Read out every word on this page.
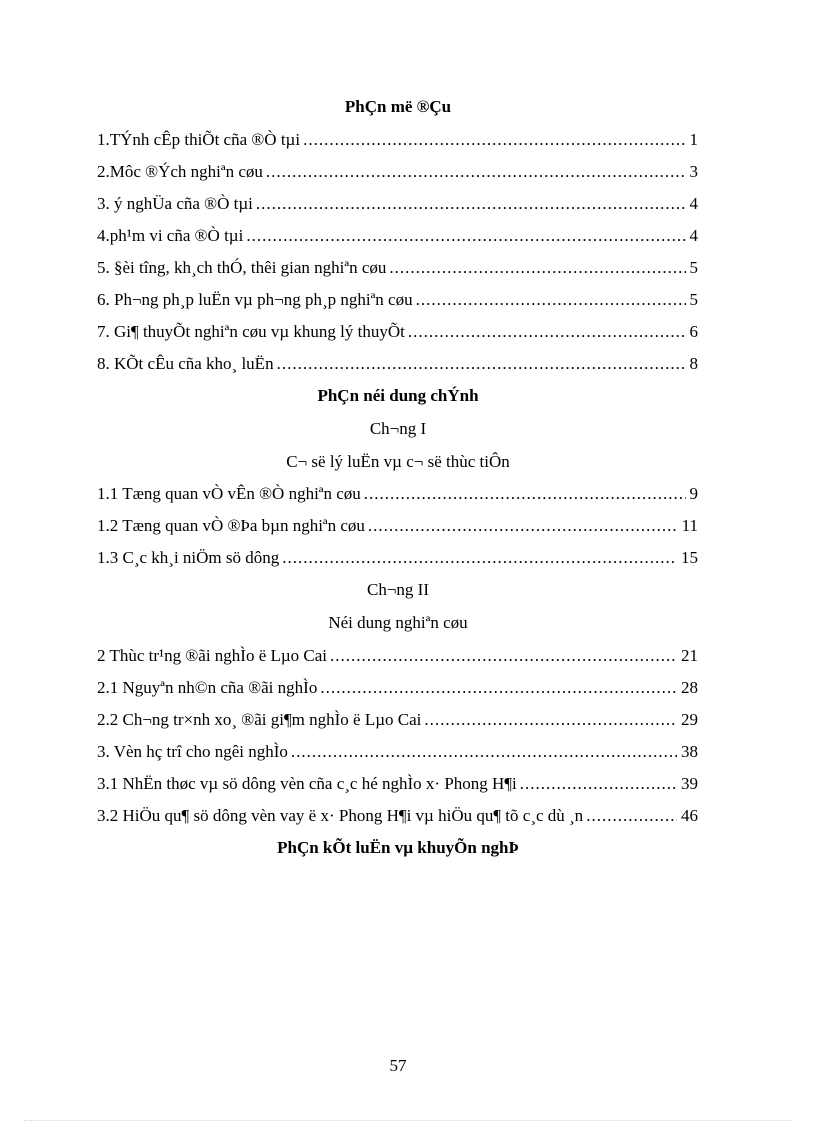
PhÇn më ®Çu
1.TÝnh cÊp thiÕt cña ®Ò tµi .....	1
2.Môc ®Ých nghiªn cøu .....	3
3. ý nghÜa cña ®Ò tµi .....	4
4.ph¹m vi cña ®Ò tµi .....	4
5. §èi tîng, kh¸ch thÓ, thêi gian nghiªn cøu .....	5
6. Ph¬ng ph¸p luËn vµ ph¬ng ph¸p nghiªn cøu .....	5
7. Gi¶ thuyÕt nghiªn cøu vµ khung lý thuyÕt .....	6
8. KÕt cÊu cña kho¸ luËn .....	8
PhÇn néi dung chÝnh
Ch¬ng I
C¬ së lý luËn vµ c¬ së thùc tiÔn
1.1 Tæng quan vÒ vÊn ®Ò nghiªn cøu .....	9
1.2 Tæng quan vÒ ®Þa bµn nghiªn cøu .....	11
1.3 C¸c kh¸i niÖm sö dông .....	15
Ch¬ng II
Néi dung nghiªn cøu
2 Thùc tr¹ng ®ãi nghÌo ë Lµo Cai .....	21
2.1 Nguyªn nh©n cña ®ãi nghÌo .....	28
2.2 Ch¬ng tr×nh xo¸ ®ãi gi¶m nghÌo ë Lµo Cai .....	29
3. Vèn hç trî cho ngêi nghÌo .....	38
3.1 NhËn thøc vµ sö dông vèn cña c¸c hé nghÌo x· Phong H¶i .....	39
3.2 HiÖu qu¶ sö dông vèn vay ë x· Phong H¶i vµ hiÖu qu¶ tõ c¸c dù ¸n .....	46
PhÇn kÕt luËn vµ khuyÕn nghÞ
57
